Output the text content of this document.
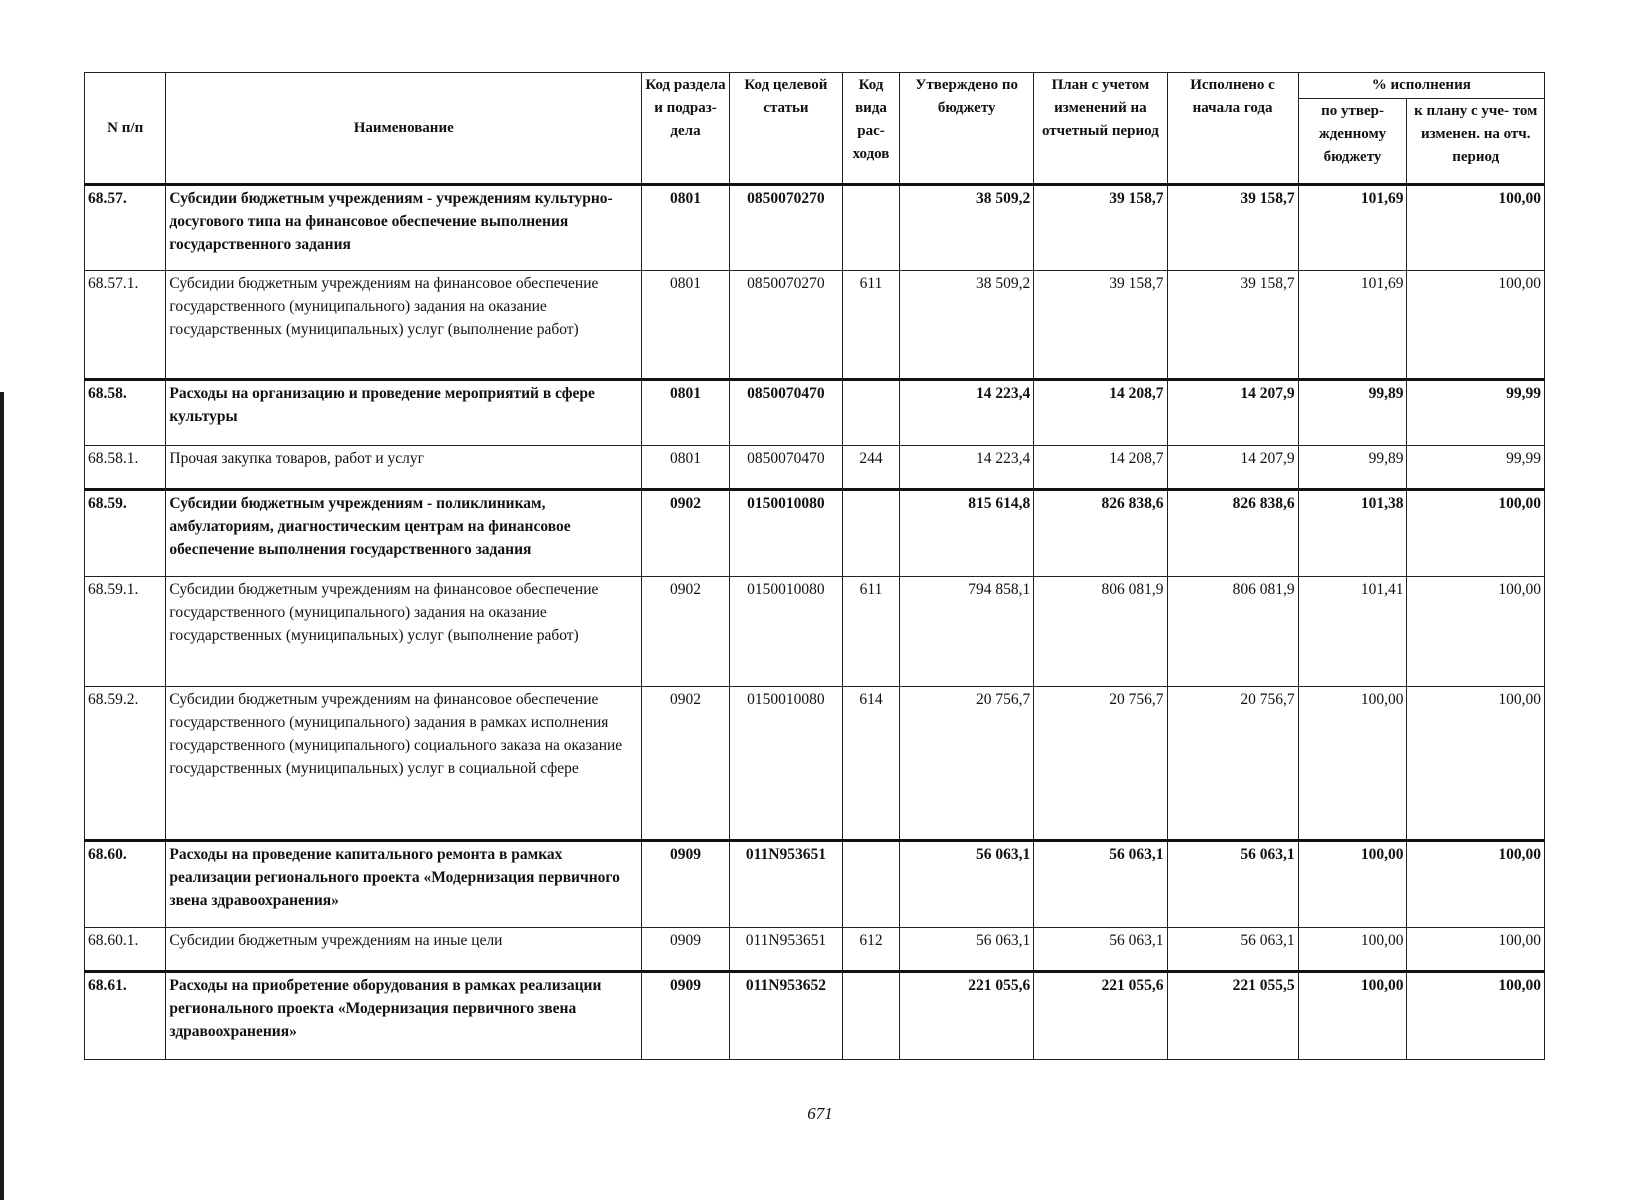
N п/п	Наименование	Код раздела и подраз- дела	Код целевой статьи	Код вида рас- ходов	Утверждено по бюджету	План с учетом изменений на отчетный период	Исполнено с начала года	% исполнения	
								по утвер- жденному бюджету	к плану с уче- том изменен. на отч. период
68.57.	Субсидии бюджетным учреждениям - учреждениям культурно-досугового типа на финансовое обеспечение выполнения государственного задания	0801	0850070270		38 509,2	39 158,7	39 158,7	101,69	100,00
68.57.1.	Субсидии бюджетным учреждениям на финансовое обеспечение государственного (муниципального) задания на оказание государственных (муниципальных) услуг (выполнение работ)	0801	0850070270	611	38 509,2	39 158,7	39 158,7	101,69	100,00
68.58.	Расходы на организацию и проведение мероприятий в сфере культуры	0801	0850070470		14 223,4	14 208,7	14 207,9	99,89	99,99
68.58.1.	Прочая закупка товаров, работ и услуг	0801	0850070470	244	14 223,4	14 208,7	14 207,9	99,89	99,99
68.59.	Субсидии бюджетным учреждениям - поликлиникам, амбулаториям, диагностическим центрам на финансовое обеспечение выполнения государственного задания	0902	0150010080		815 614,8	826 838,6	826 838,6	101,38	100,00
68.59.1.	Субсидии бюджетным учреждениям на финансовое обеспечение государственного (муниципального) задания на оказание государственных (муниципальных) услуг (выполнение работ)	0902	0150010080	611	794 858,1	806 081,9	806 081,9	101,41	100,00
68.59.2.	Субсидии бюджетным учреждениям на финансовое обеспечение государственного (муниципального) задания в рамках исполнения государственного (муниципального) социального заказа на оказание государственных (муниципальных) услуг в социальной сфере	0902	0150010080	614	20 756,7	20 756,7	20 756,7	100,00	100,00
68.60.	Расходы на проведение капитального ремонта в рамках реализации регионального проекта «Модернизация первичного звена здравоохранения»	0909	011N953651		56 063,1	56 063,1	56 063,1	100,00	100,00
68.60.1.	Субсидии бюджетным учреждениям на иные цели	0909	011N953651	612	56 063,1	56 063,1	56 063,1	100,00	100,00
68.61.	Расходы на приобретение оборудования в рамках реализации регионального проекта «Модернизация первичного звена здравоохранения»	0909	011N953652		221 055,6	221 055,6	221 055,5	100,00	100,00
671
